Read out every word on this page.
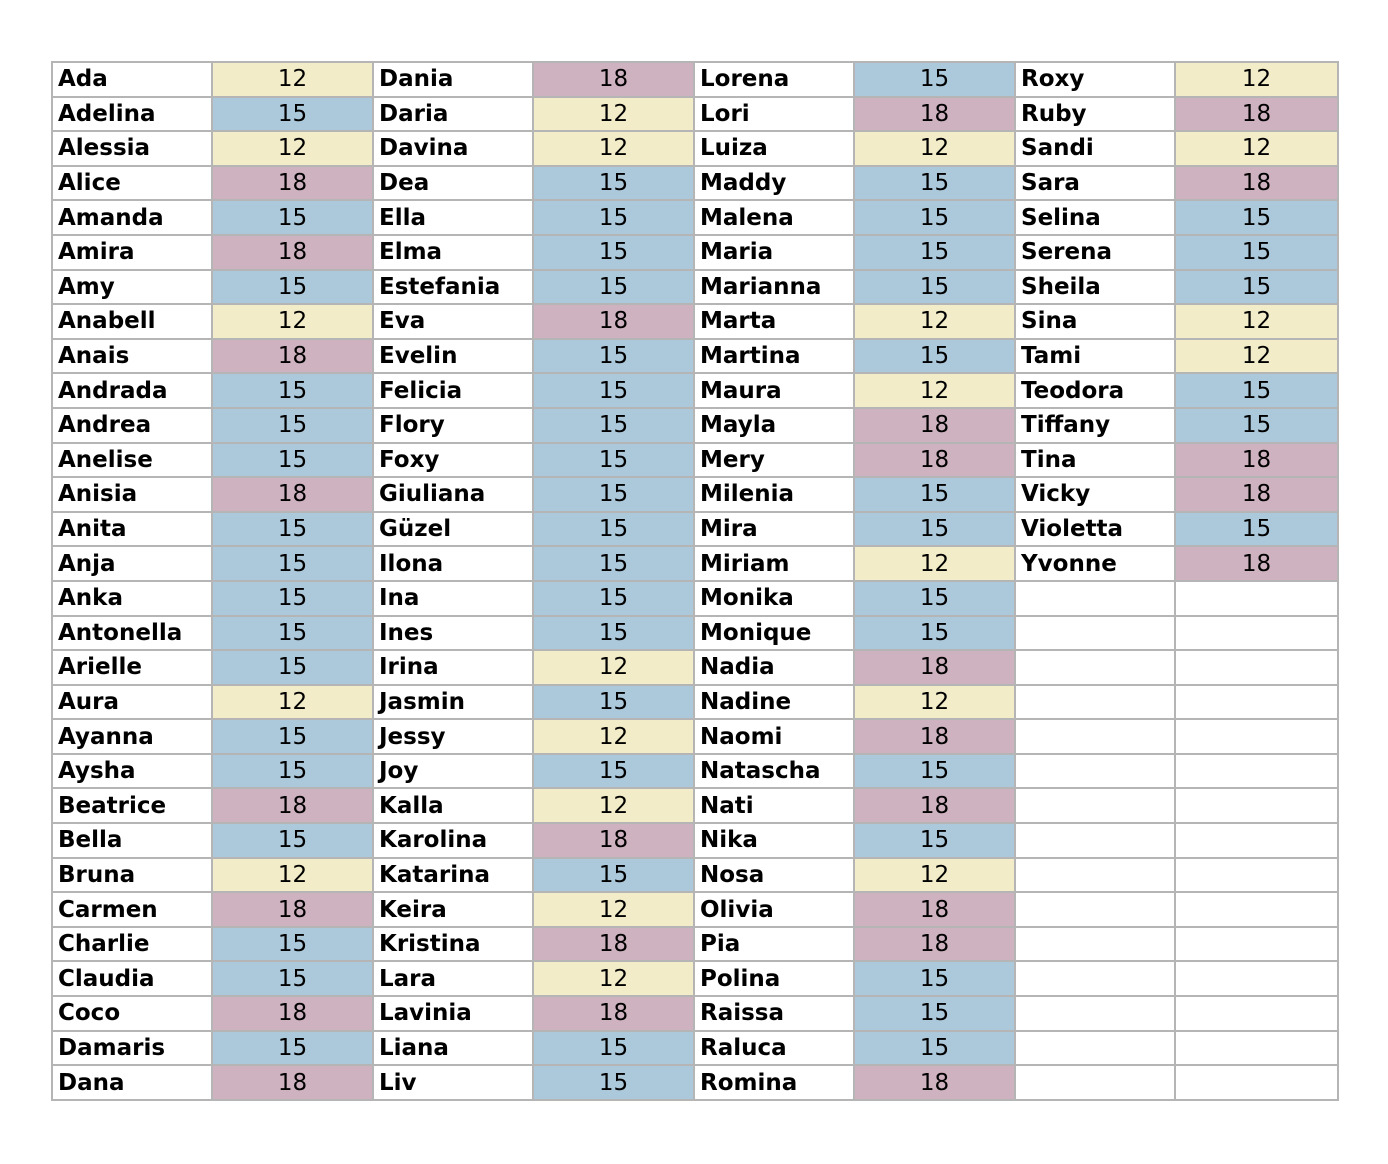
Ada	12	Dania	18	Lorena	15	Roxy	12
Adelina	15	Daria	12	Lori	18	Ruby	18
Alessia	12	Davina	12	Luiza	12	Sandi	12
Alice	18	Dea	15	Maddy	15	Sara	18
Amanda	15	Ella	15	Malena	15	Selina	15
Amira	18	Elma	15	Maria	15	Serena	15
Amy	15	Estefania	15	Marianna	15	Sheila	15
Anabell	12	Eva	18	Marta	12	Sina	12
Anais	18	Evelin	15	Martina	15	Tami	12
Andrada	15	Felicia	15	Maura	12	Teodora	15
Andrea	15	Flory	15	Mayla	18	Tiffany	15
Anelise	15	Foxy	15	Mery	18	Tina	18
Anisia	18	Giuliana	15	Milenia	15	Vicky	18
Anita	15	Güzel	15	Mira	15	Violetta	15
Anja	15	Ilona	15	Miriam	12	Yvonne	18
Anka	15	Ina	15	Monika	15		
Antonella	15	Ines	15	Monique	15		
Arielle	15	Irina	12	Nadia	18		
Aura	12	Jasmin	15	Nadine	12		
Ayanna	15	Jessy	12	Naomi	18		
Aysha	15	Joy	15	Natascha	15		
Beatrice	18	Kalla	12	Nati	18		
Bella	15	Karolina	18	Nika	15		
Bruna	12	Katarina	15	Nosa	12		
Carmen	18	Keira	12	Olivia	18		
Charlie	15	Kristina	18	Pia	18		
Claudia	15	Lara	12	Polina	15		
Coco	18	Lavinia	18	Raissa	15		
Damaris	15	Liana	15	Raluca	15		
Dana	18	Liv	15	Romina	18		
